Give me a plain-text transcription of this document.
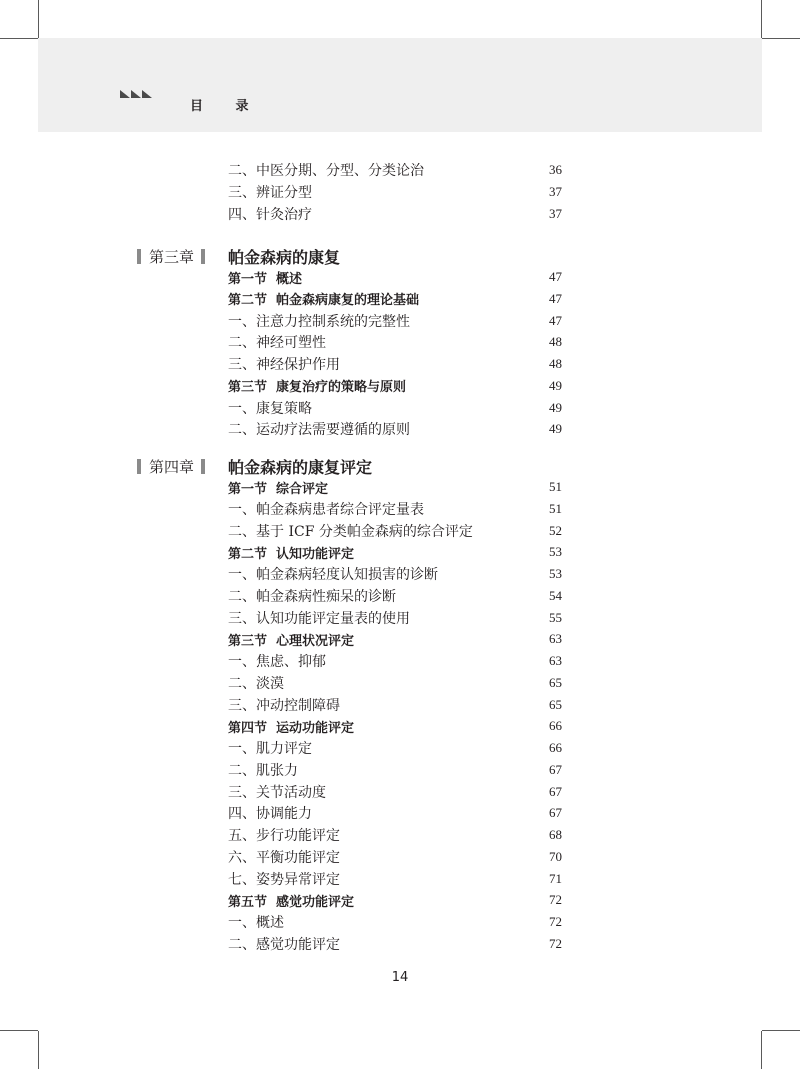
目 录
二、中医分期、分型、分类论治	36
三、辨证分型	37
四、针灸治疗	37
第三章 帕金森病的康复
第一节  概述	47
第二节  帕金森病康复的理论基础	47
一、注意力控制系统的完整性	47
二、神经可塑性	48
三、神经保护作用	48
第三节  康复治疗的策略与原则	49
一、康复策略	49
二、运动疗法需要遵循的原则	49
第四章 帕金森病的康复评定
第一节  综合评定	51
一、帕金森病患者综合评定量表	51
二、基于 ICF 分类帕金森病的综合评定	52
第二节  认知功能评定	53
一、帕金森病轻度认知损害的诊断	53
二、帕金森病性痴呆的诊断	54
三、认知功能评定量表的使用	55
第三节  心理状况评定	63
一、焦虑、抑郁	63
二、淡漠	65
三、冲动控制障碍	65
第四节  运动功能评定	66
一、肌力评定	66
二、肌张力	67
三、关节活动度	67
四、协调能力	67
五、步行功能评定	68
六、平衡功能评定	70
七、姿势异常评定	71
第五节  感觉功能评定	72
一、概述	72
二、感觉功能评定	72
14
